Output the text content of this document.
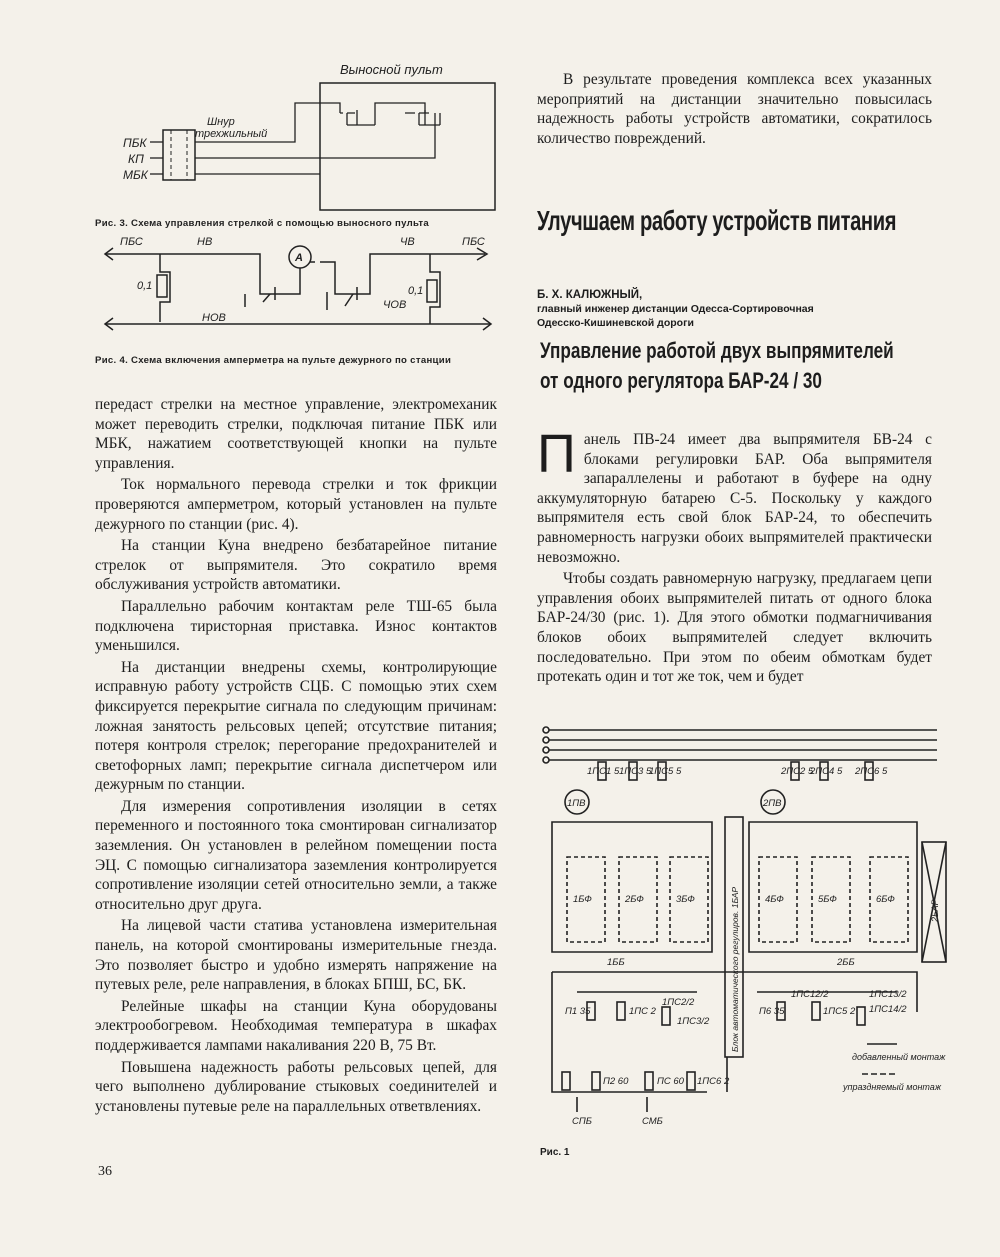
Выносной пульт
Шнур
трехжильный
ПБК
КП
МБК
Рис. 3. Схема управления стрелкой с помощью выносного пульта
ПБС	НВ	ЧВ	ПБС
НОВ
ЧОВ
0,1	0,1
А
Рис. 4. Схема включения амперметра на пульте дежурного по станции

передаст стрелки на местное управление, электромеханик может переводить стрелки, подключая питание ПБК или МБК, нажатием соответствующей кнопки на пульте управления.

Ток нормального перевода стрелки и ток фрикции проверяются амперметром, который установлен на пульте дежурного по станции (рис. 4).

На станции Куна внедрено безбатарейное питание стрелок от выпрямителя. Это сократило время обслуживания устройств автоматики.

Параллельно рабочим контактам реле ТШ-65 была подключена тиристорная приставка. Износ контактов уменьшился.

На дистанции внедрены схемы, контролирующие исправную работу устройств СЦБ. С помощью этих схем фиксируется перекрытие сигнала по следующим причинам: ложная занятость рельсовых цепей; отсутствие питания; потеря контроля стрелок; перегорание предохранителей и светофорных ламп; перекрытие сигнала диспетчером или дежурным по станции.

Для измерения сопротивления изоляции в сетях переменного и постоянного тока смонтирован сигнализатор заземления. Он установлен в релейном помещении поста ЭЦ. С помощью сигнализатора заземления контролируется сопротивление изоляции сетей относительно земли, а также относительно друг друга.

На лицевой части статива установлена измерительная панель, на которой смонтированы измерительные гнезда. Это позволяет быстро и удобно измерять напряжение на путевых реле, реле направления, в блоках БПШ, БС, БК.

Релейные шкафы на станции Куна оборудованы электрообогревом. Необходимая температура в шкафах поддерживается лампами накаливания 220 В, 75 Вт.

Повышена надежность работы рельсовых цепей, для чего выполнено дублирование стыковых соединителей и установлены путевые реле на параллельных ответвлениях.

В результате проведения комплекса всех указанных мероприятий на дистанции значительно повысилась надежность работы устройств автоматики, сократилось количество повреждений.

Улучшаем работу устройств питания
Б. Х. КАЛЮЖНЫЙ,
главный инженер дистанции Одесса-Сортировочная
Одесско-Кишиневской дороги
Управление работой двух выпрямителей
от одного регулятора БАР-24 / 30
П анель ПВ-24 имеет два выпрямителя БВ-24 с блоками регулировки БАР. Оба выпрямителя запараллелены и работают в буфере на одну аккумуляторную батарею С-5. Поскольку у каждого выпрямителя есть свой блок БАР-24, то обеспечить равномерность нагрузки обоих выпрямителей практически невозможно.

Чтобы создать равномерную нагрузку, предлагаем цепи управления обоих выпрямителей питать от одного блока БАР-24/30 (рис. 1). Для этого обмотки подмагничивания блоков обоих выпрямителей следует включить последовательно. При этом по обеим обмоткам будет протекать один и тот же ток, чем и будет

1ПС1 5 1ПС3 5
1ПС5 5	2ПС2 5
2ПС4 5 2ПС6 5
1ПВ	2ПВ
1БФ	2БФ	3БФ	4БФ	5БФ	6БФ
Блок автоматического регулиров. 1БАР	2БАР
1ББ	2ББ
1ПС2/2
1ПС3/2
1ПС12/2	1ПС13/2
1ПС14/2
П1 35	1ПС 2	П6 35	1ПС5 2
П2 60	ПС 60 1ПС6 2
СПБ	СМБ
добавленный монтаж
упраздняемый монтаж
Рис. 1
36
